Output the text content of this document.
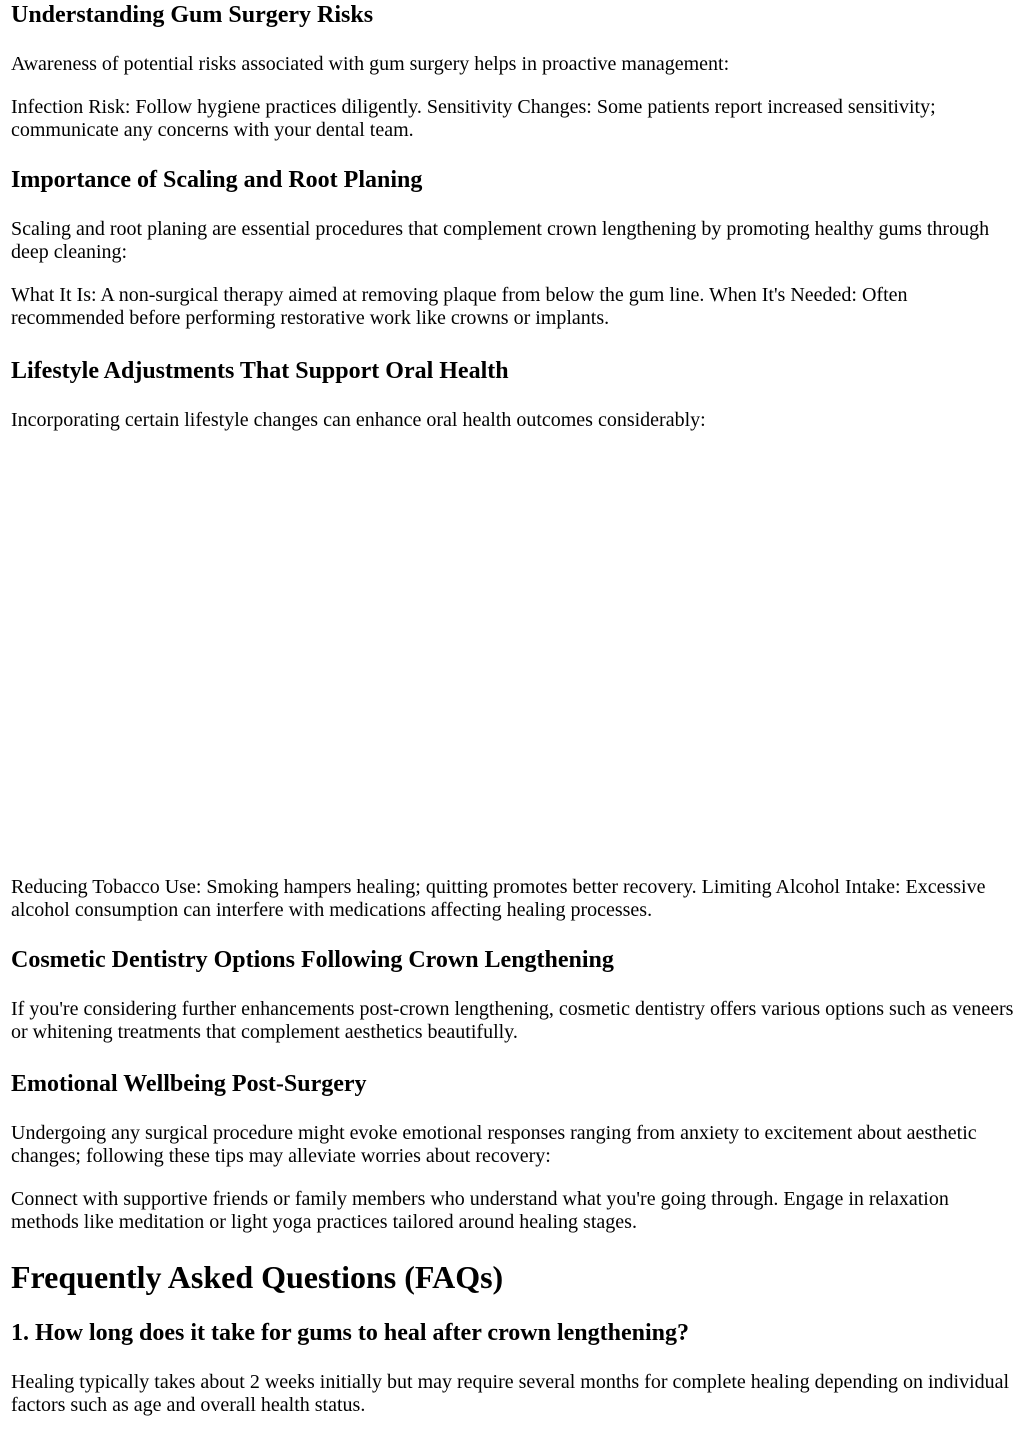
Understanding Gum Surgery Risks

Awareness of potential risks associated with gum surgery helps in proactive management:

Infection Risk: Follow hygiene practices diligently. Sensitivity Changes: Some patients report increased sensitivity; communicate any concerns with your dental team.

Importance of Scaling and Root Planing

Scaling and root planing are essential procedures that complement crown lengthening by promoting healthy gums through deep cleaning:

What It Is: A non-surgical therapy aimed at removing plaque from below the gum line. When It's Needed: Often recommended before performing restorative work like crowns or implants.

Lifestyle Adjustments That Support Oral Health

Incorporating certain lifestyle changes can enhance oral health outcomes considerably:

Reducing Tobacco Use: Smoking hampers healing; quitting promotes better recovery. Limiting Alcohol Intake: Excessive alcohol consumption can interfere with medications affecting healing processes.

Cosmetic Dentistry Options Following Crown Lengthening

If you're considering further enhancements post-crown lengthening, cosmetic dentistry offers various options such as veneers or whitening treatments that complement aesthetics beautifully.

Emotional Wellbeing Post-Surgery

Undergoing any surgical procedure might evoke emotional responses ranging from anxiety to excitement about aesthetic changes; following these tips may alleviate worries about recovery:

Connect with supportive friends or family members who understand what you're going through. Engage in relaxation methods like meditation or light yoga practices tailored around healing stages.

Frequently Asked Questions (FAQs)
1. How long does it take for gums to heal after crown lengthening?

Healing typically takes about 2 weeks initially but may require several months for complete healing depending on individual factors such as age and overall health status.
